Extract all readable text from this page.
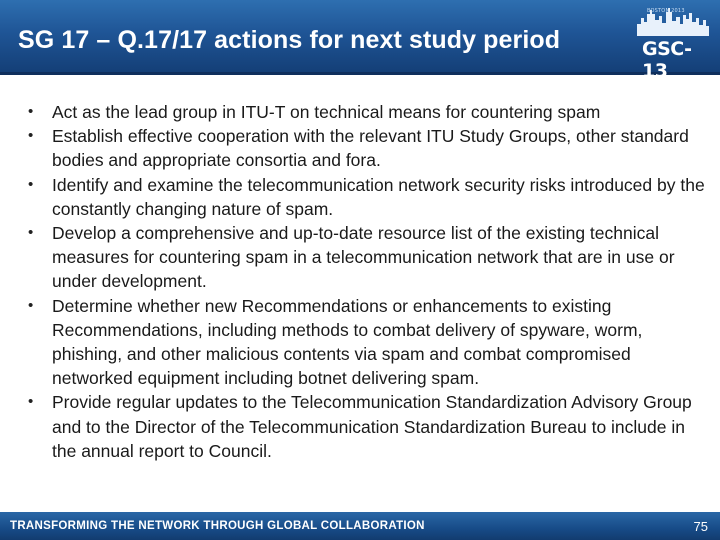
SG 17 – Q.17/17 actions for next study period
BOSTON 2013
GSC-13
• Act as the lead group in ITU-T on technical means for countering spam
• Establish effective cooperation with the relevant ITU Study Groups, other standard bodies and appropriate consortia and fora.
• Identify and examine the telecommunication network security risks introduced by the constantly changing nature of spam.
• Develop a comprehensive and up-to-date resource list of the existing technical measures for countering spam in a telecommunication network that are in use or under development.
• Determine whether new Recommendations or enhancements to existing Recommendations, including methods to combat delivery of spyware, worm, phishing, and other malicious contents via spam and combat compromised networked equipment including botnet delivering spam.
• Provide regular updates to the Telecommunication Standardization Advisory Group and to the Director of the Telecommunication Standardization Bureau to include in the annual report to Council.
TRANSFORMING THE NETWORK THROUGH GLOBAL COLLABORATION	75
